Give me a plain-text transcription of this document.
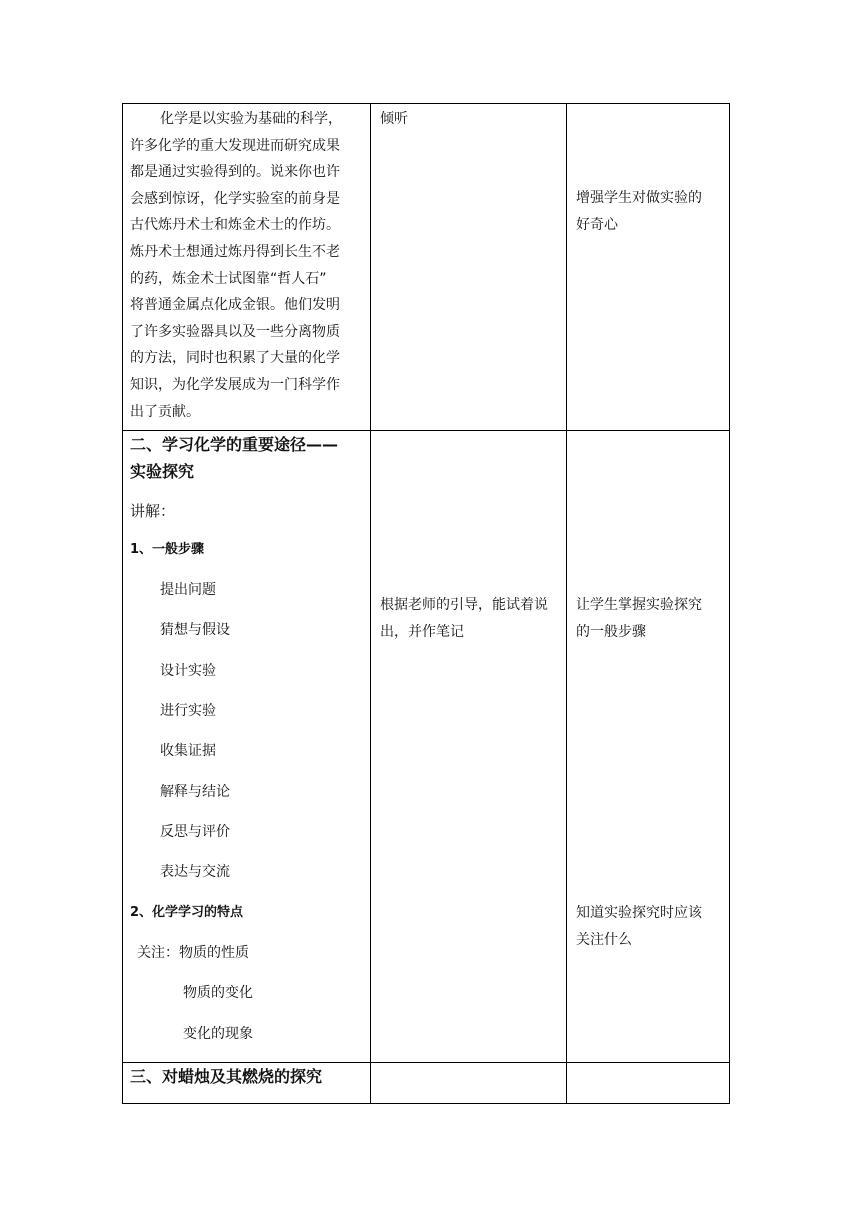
化学是以实验为基础的科学，
许多化学的重大发现进而研究成果
都是通过实验得到的。说来你也许
会感到惊讶，化学实验室的前身是
古代炼丹术士和炼金术士的作坊。
炼丹术士想通过炼丹得到长生不老
的药，炼金术士试图靠“哲人石”
将普通金属点化成金银。他们发明
了许多实验器具以及一些分离物质
的方法，同时也积累了大量的化学
知识，为化学发展成为一门科学作
出了贡献。
倾听
增强学生对做实验的
好奇心
二、学习化学的重要途径——
实验探究
讲解：
1、一般步骤
提出问题
猜想与假设
设计实验
进行实验
收集证据
解释与结论
反思与评价
表达与交流
2、化学学习的特点
关注：物质的性质
物质的变化
变化的现象
根据老师的引导，能试着说
出，并作笔记
让学生掌握实验探究
的一般步骤
知道实验探究时应该
关注什么
三、对蜡烛及其燃烧的探究
